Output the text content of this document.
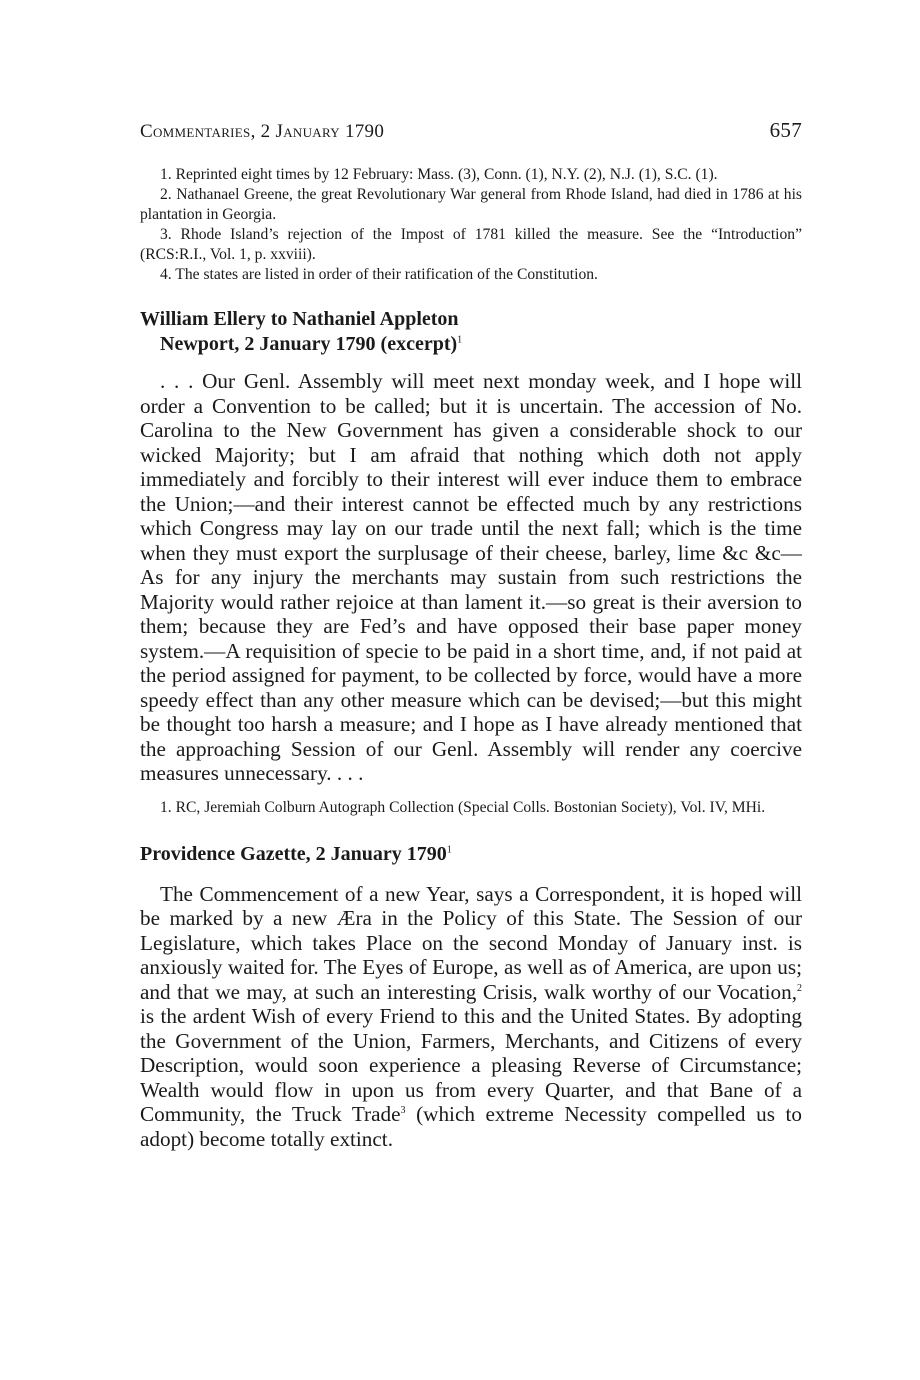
Commentaries, 2 January 1790	657

1. Reprinted eight times by 12 February: Mass. (3), Conn. (1), N.Y. (2), N.J. (1), S.C. (1).

2. Nathanael Greene, the great Revolutionary War general from Rhode Island, had died in 1786 at his plantation in Georgia.

3. Rhode Island’s rejection of the Impost of 1781 killed the measure. See the “Introduction” (RCS:R.I., Vol. 1, p. xxviii).

4. The states are listed in order of their ratification of the Constitution.

William Ellery to Nathaniel Appleton
Newport, 2 January 1790 (excerpt)$^1$

. . . Our Genl. Assembly will meet next monday week, and I hope will order a Convention to be called; but it is uncertain. The accession of No. Carolina to the New Government has given a considerable shock to our wicked Majority; but I am afraid that nothing which doth not apply immediately and forcibly to their interest will ever induce them to embrace the Union;—and their interest cannot be effected much by any restrictions which Congress may lay on our trade until the next fall; which is the time when they must export the surplusage of their cheese, barley, lime &c &c—As for any injury the merchants may sustain from such restrictions the Majority would rather rejoice at than lament it.—so great is their aversion to them; because they are Fed’s and have opposed their base paper money system.—A requisition of specie to be paid in a short time, and, if not paid at the period assigned for payment, to be collected by force, would have a more speedy effect than any other measure which can be devised;—but this might be thought too harsh a measure; and I hope as I have already mentioned that the approaching Session of our Genl. Assembly will render any coercive measures unnecessary. . . .

1. RC, Jeremiah Colburn Autograph Collection (Special Colls. Bostonian Society), Vol. IV, MHi.

Providence Gazette, 2 January 1790$^1$

The Commencement of a new Year, says a Correspondent, it is hoped will be marked by a new Æra in the Policy of this State. The Session of our Legislature, which takes Place on the second Monday of January inst. is anxiously waited for. The Eyes of Europe, as well as of America, are upon us; and that we may, at such an interesting Crisis, walk worthy of our Vocation,$^2$ is the ardent Wish of every Friend to this and the United States. By adopting the Government of the Union, Farmers, Merchants, and Citizens of every Description, would soon experience a pleasing Reverse of Circumstance; Wealth would flow in upon us from every Quarter, and that Bane of a Community, the Truck Trade$^3$ (which extreme Necessity compelled us to adopt) become totally extinct.
